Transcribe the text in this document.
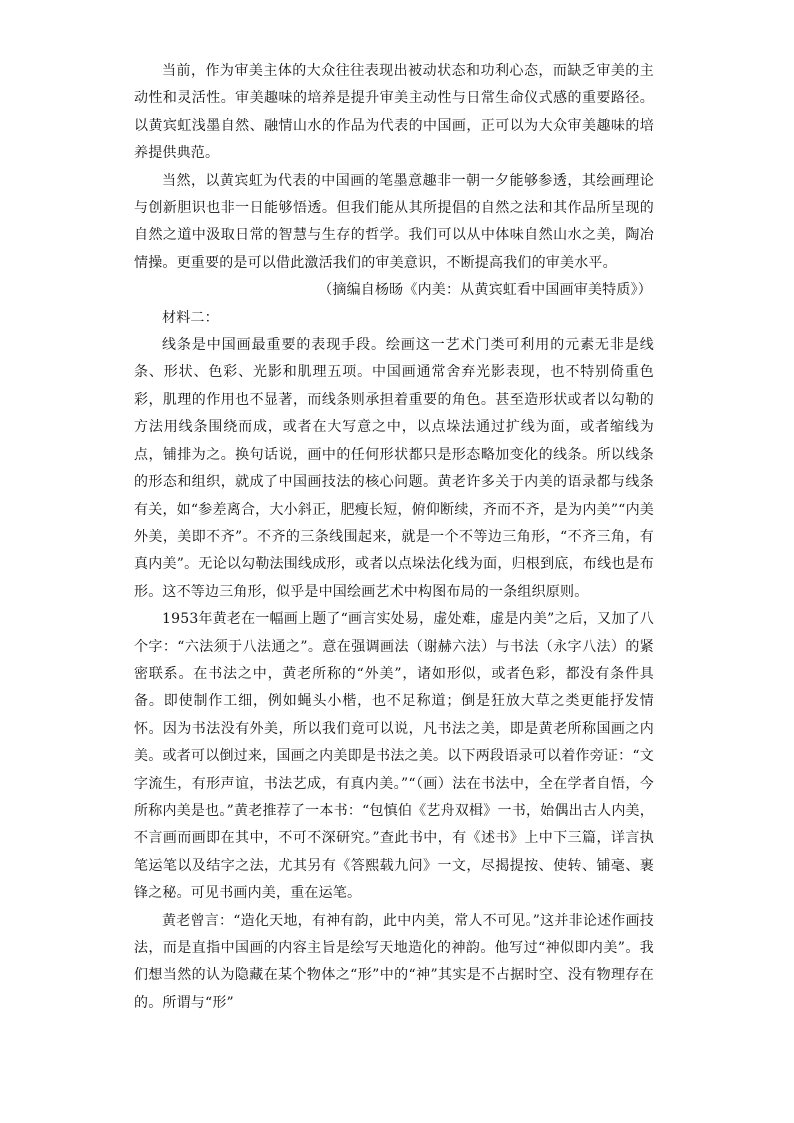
当前，作为审美主体的大众往往表现出被动状态和功利心态，而缺乏审美的主动性和灵活性。审美趣味的培养是提升审美主动性与日常生命仪式感的重要路径。以黄宾虹浅墨自然、融情山水的作品为代表的中国画，正可以为大众审美趣味的培养提供典范。

当然，以黄宾虹为代表的中国画的笔墨意趣非一朝一夕能够参透，其绘画理论与创新胆识也非一日能够悟透。但我们能从其所提倡的自然之法和其作品所呈现的自然之道中汲取日常的智慧与生存的哲学。我们可以从中体味自然山水之美，陶冶情操。更重要的是可以借此激活我们的审美意识，不断提高我们的审美水平。

（摘编自杨旸《内美：从黄宾虹看中国画审美特质》）

材料二：

线条是中国画最重要的表现手段。绘画这一艺术门类可利用的元素无非是线条、形状、色彩、光影和肌理五项。中国画通常舍弃光影表现，也不特别倚重色彩，肌理的作用也不显著，而线条则承担着重要的角色。甚至造形状或者以勾勒的方法用线条围绕而成，或者在大写意之中，以点垛法通过扩线为面，或者缩线为点，铺排为之。换句话说，画中的任何形状都只是形态略加变化的线条。所以线条的形态和组织，就成了中国画技法的核心问题。黄老许多关于内美的语录都与线条有关，如“参差离合，大小斜正，肥瘦长短，俯仰断续，齐而不齐，是为内美”“内美外美，美即不齐”。不齐的三条线围起来，就是一个不等边三角形，“不齐三角，有真内美”。无论以勾勒法围线成形，或者以点垛法化线为面，归根到底，布线也是布形。这不等边三角形，似乎是中国绘画艺术中构图布局的一条组织原则。

1953年黄老在一幅画上题了“画言实处易，虚处难，虚是内美”之后，又加了八个字：“六法须于八法通之”。意在强调画法（谢赫六法）与书法（永字八法）的紧密联系。在书法之中，黄老所称的“外美”，诸如形似，或者色彩，都没有条件具备。即使制作工细，例如蝇头小楷，也不足称道；倒是狂放大草之类更能抒发情怀。因为书法没有外美，所以我们竟可以说，凡书法之美，即是黄老所称国画之内美。或者可以倒过来，国画之内美即是书法之美。以下两段语录可以着作旁证：“文字流生，有形声谊，书法艺成，有真内美。”“（画）法在书法中，全在学者自悟，今所称内美是也。”黄老推荐了一本书：“包慎伯《艺舟双楫》一书，始偶出古人内美，不言画而画即在其中，不可不深研究。”查此书中，有《述书》上中下三篇，详言执笔运笔以及结字之法，尤其另有《答熙载九问》一文，尽揭提按、使转、铺毫、裹锋之秘。可见书画内美，重在运笔。

黄老曾言：“造化天地，有神有韵，此中内美，常人不可见。”这并非论述作画技法，而是直指中国画的内容主旨是绘写天地造化的神韵。他写过“神似即内美”。我们想当然的认为隐藏在某个物体之“形”中的“神”其实是不占据时空、没有物理存在的。所谓与“形”
